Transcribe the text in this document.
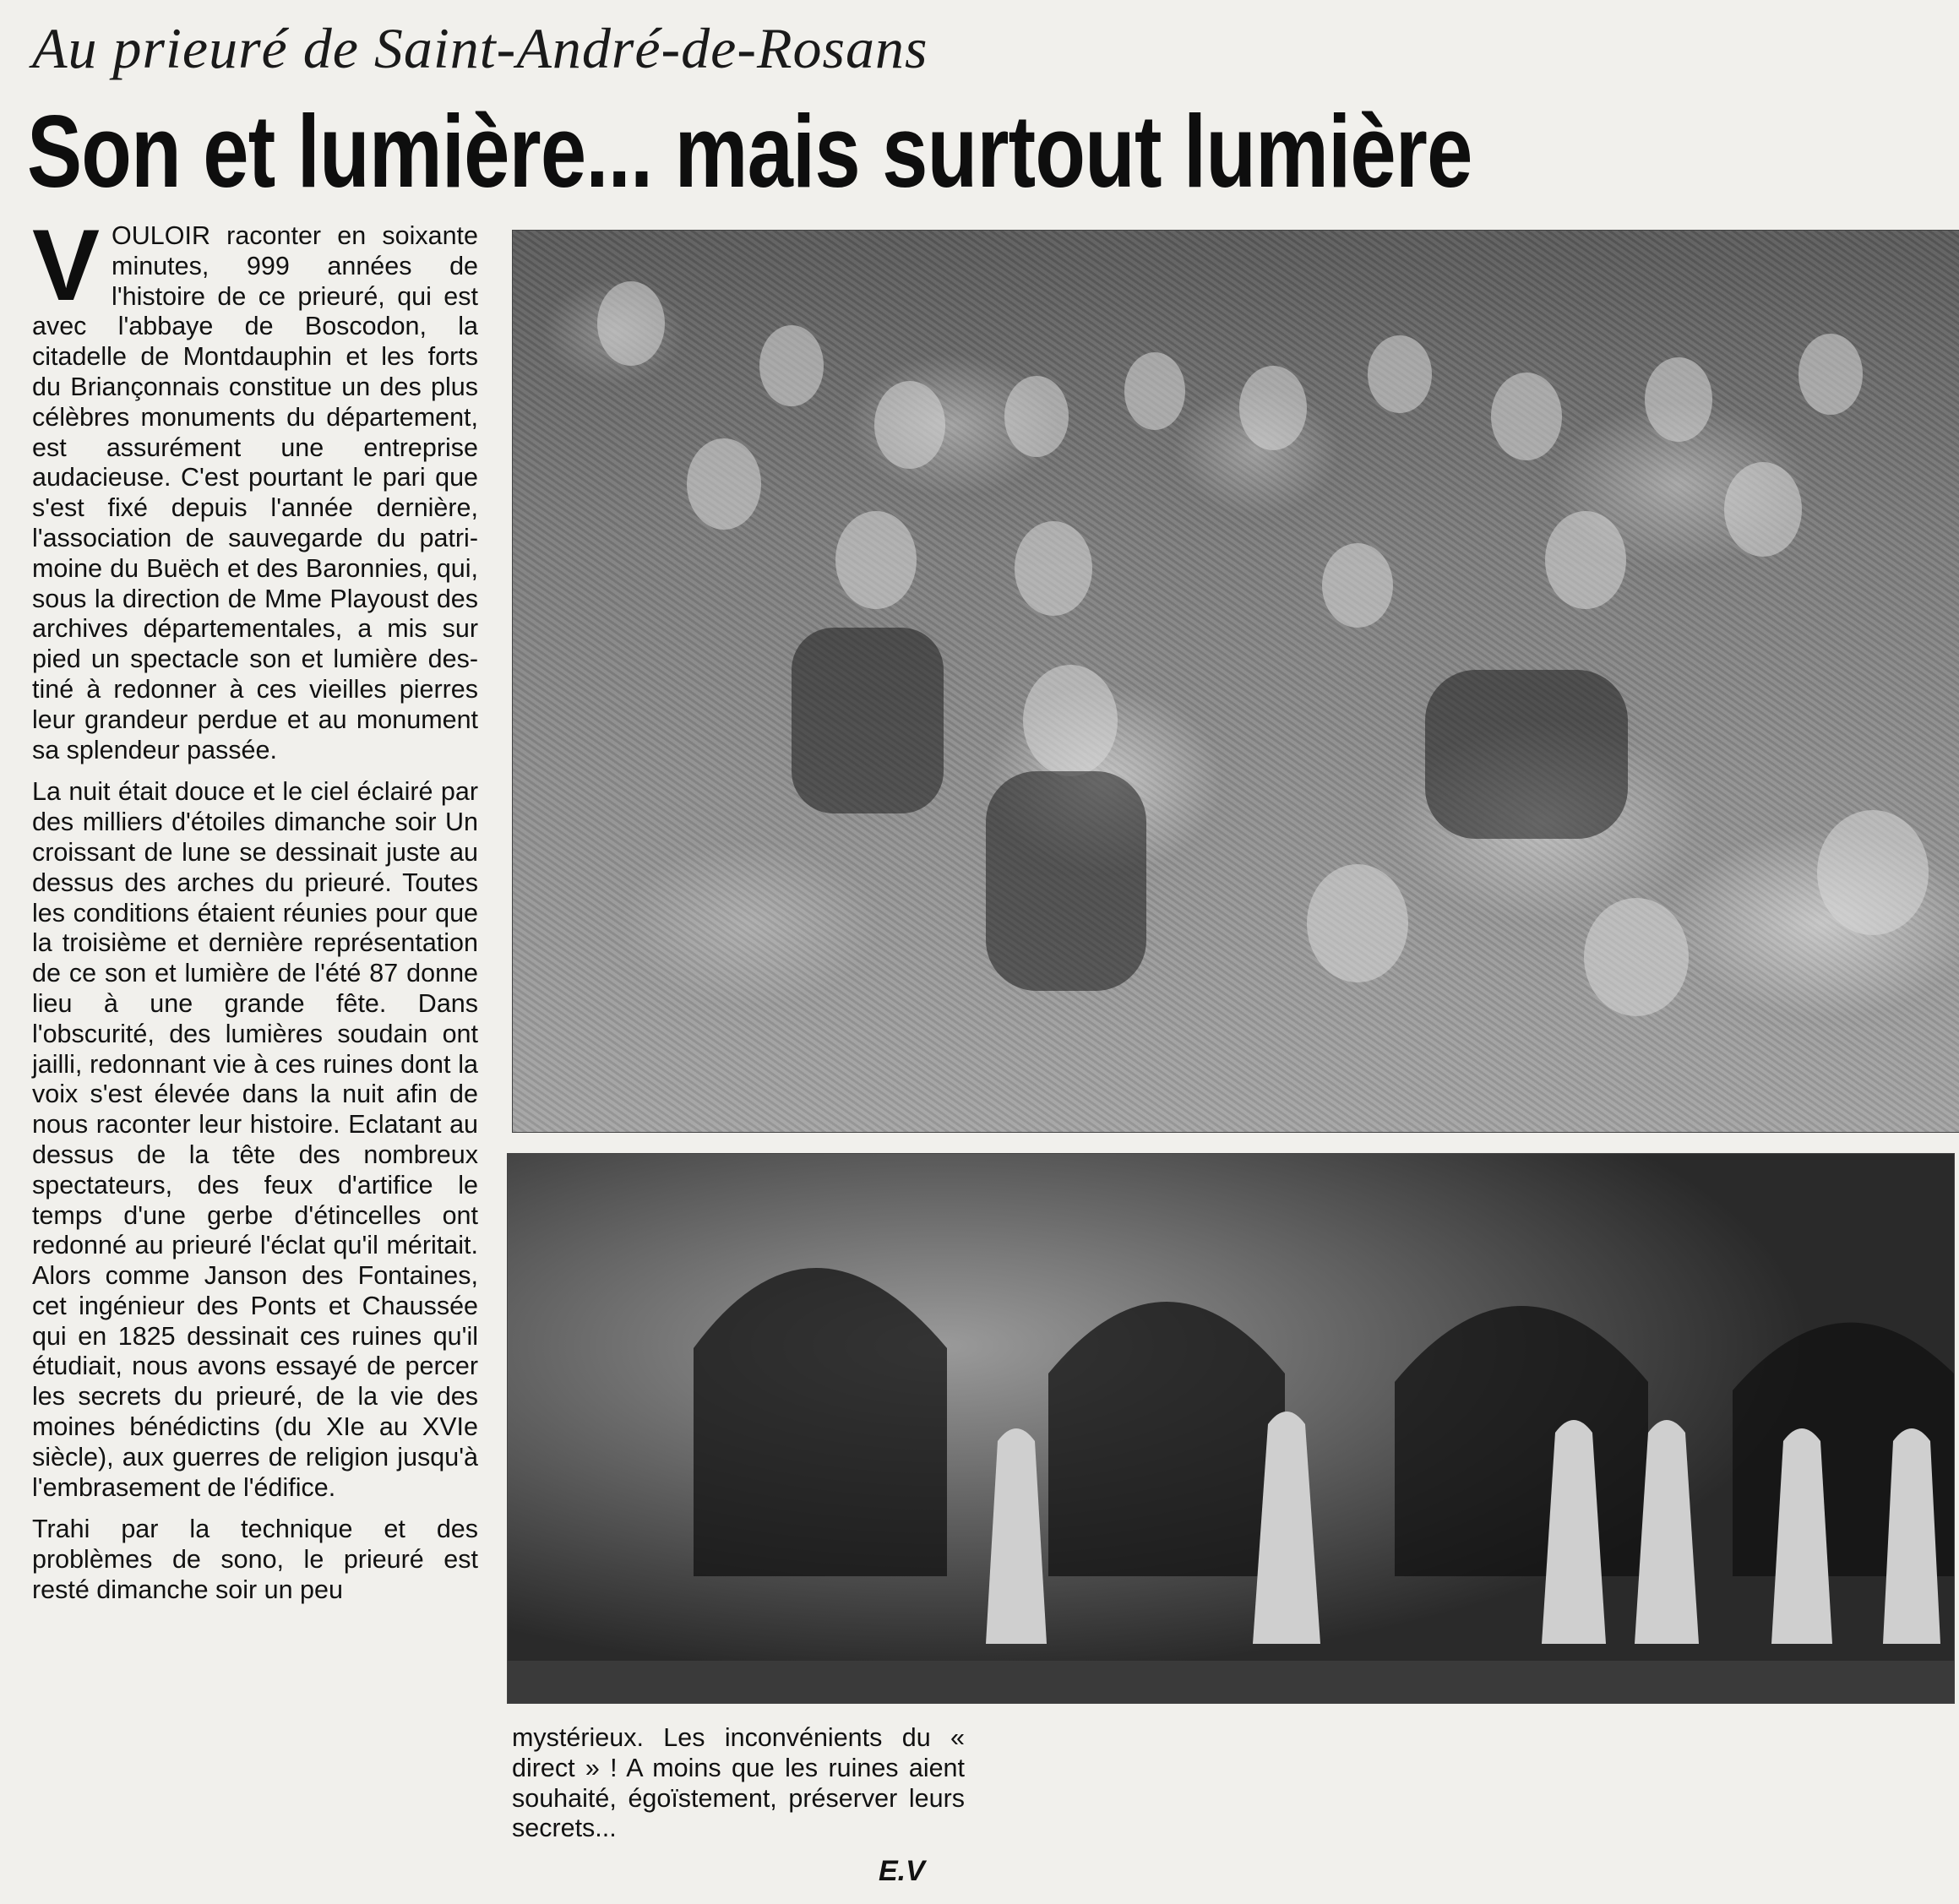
Au prieuré de Saint-André-de-Rosans
Son et lumière... mais surtout lumière

VOULOIR raconter en soixante minutes, 999 années de l'histoire de ce prieuré, qui est avec l'abbaye de Boscodon, la citadelle de Montdauphin et les forts du Briançonnais constitue un des plus célèbres monuments du département, est assurément une entreprise audacieuse. C'est pourtant le pari que s'est fixé depuis l'année dernière, l'association de sauvegarde du patrimoine du Buëch et des Baronnies, qui, sous la direction de Mme Playoust des archives départementales, a mis sur pied un spectacle son et lumière destiné à redonner à ces vieilles pierres leur grandeur perdue et au monument sa splendeur passée.

La nuit était douce et le ciel éclairé par des milliers d'étoiles dimanche soir Un croissant de lune se dessinait juste au dessus des arches du prieuré. Toutes les conditions étaient réunies pour que la troisième et dernière représentation de ce son et lumière de l'été 87 donne lieu à une grande fête. Dans l'obscurité, des lumières soudain ont jailli, redonnant vie à ces ruines dont la voix s'est élevée dans la nuit afin de nous raconter leur histoire. Eclatant au dessus de la tête des nombreux spectateurs, des feux d'artifice le temps d'une gerbe d'étincelles ont redonné au prieuré l'éclat qu'il méritait. Alors comme Janson des Fontaines, cet ingénieur des Ponts et Chaussée qui en 1825 dessinait ces ruines qu'il étudiait, nous avons essayé de percer les secrets du prieuré, de la vie des moines bénédictins (du XIe au XVIe siècle), aux guerres de religion jusqu'à l'embrasement de l'édifice.

Trahi par la technique et des problèmes de sono, le prieuré est resté dimanche soir un peu

mystérieux. Les inconvénients du « direct » ! A moins que les ruines aient souhaité, égoïstement, préserver leurs secrets...

E.V
